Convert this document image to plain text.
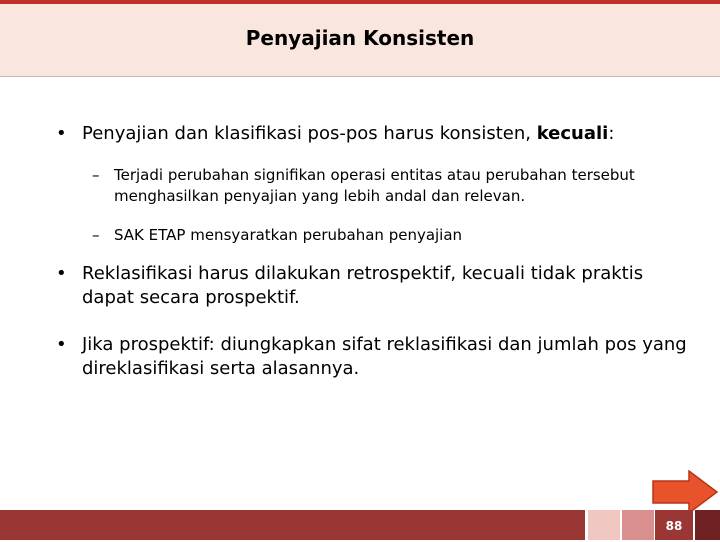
Penyajian Konsisten
• Penyajian dan klasifikasi pos-pos harus konsisten, kecuali:
– Terjadi perubahan signifikan operasi entitas atau perubahan tersebut menghasilkan penyajian yang lebih andal dan relevan.
– SAK ETAP mensyaratkan perubahan penyajian
• Reklasifikasi harus dilakukan retrospektif, kecuali tidak praktis dapat secara prospektif.
• Jika prospektif: diungkapkan sifat reklasifikasi dan jumlah pos yang direklasifikasi serta alasannya.
88
